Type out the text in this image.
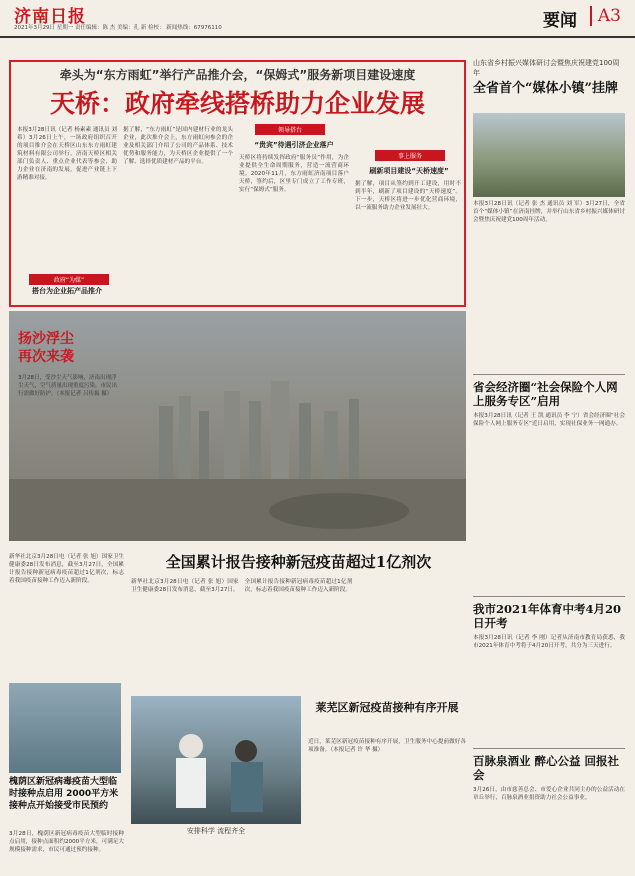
济南日报
2021年3月29日 星期一 责任编辑：陈 杰 美编：孔 新 检校： 新闻热线：67976110	要闻	A3
牵头为“东方雨虹”举行产品推介会，“保姆式”服务新项目建设速度
天桥：政府牵线搭桥助力企业发展
本报3月28日讯（记者 杨素素 通讯员 刘希）3月26日上午，一场政府组织召开的项目推介会在天桥区山东东方雨虹建筑材料有限公司举行，济南天桥区相关部门负责人、重点企业代表等参会，助力企业在济南的发展，促进产业链上下游精准对接。
政府“为媒”
搭台为企业拓产品推介
据了解，“东方雨虹”是国内建材行业的龙头企业，此次推介会上，东方雨虹向参会的企业及相关部门介绍了公司的产品体系、技术优势和服务能力，为天桥区企业提供了一个了解、选择优质建材产品的平台。
领导搭台
“贵宾”待遇引济企业落户
天桥区将持续发挥政府“服务员”作用，为企业提供全生命周期服务，营造一流营商环境。2020年11月，东方雨虹济南项目落户天桥，签约后，区里专门成立了工作专班，实行“保姆式”服务。
事上服务
刷新项目建设“天桥速度”
据了解，项目从签约到开工建设，用时不到半年，刷新了项目建设的“天桥速度”。下一步，天桥区将进一步优化营商环境，以一流服务助力企业发展壮大。
扬沙浮尘
再次来袭
3月28日，受沙尘天气影响，济南出现浮尘天气，空气质量出现重度污染。市民出行需做好防护。（本报记者 吕传振 摄）
山东省乡村振兴媒体研讨会暨焦庆祝建党100周年
全省首个“媒体小镇”挂牌
本报3月28日讯（记者 张 杰 通讯员 刘 军）3月27日，全省首个“媒体小镇”在济南挂牌，并举行山东省乡村振兴媒体研讨会暨焦庆祝建党100周年活动。
省会经济圈“社会保险个人网上服务专区”启用
本报3月28日讯（记者 王 凯 通讯员 李 宁）省会经济圈“社会保险个人网上服务专区”近日启用，实现社保业务一网通办。
我市2021年体育中考4月20日开考
本报3月28日讯（记者 李 刚）记者从济南市教育局获悉，我市2021年体育中考将于4月20日开考，共分为三天进行。
百脉泉酒业 醉心公益 回报社会
3月26日，由市慈善总会、市爱心企业共同主办的公益活动在章丘举行，百脉泉酒业捐资助力社会公益事业。
全国累计报告接种新冠疫苗超过1亿剂次
新华社北京3月28日电（记者 张 旭）国家卫生健康委28日发布消息，截至3月27日，全国累计报告接种新冠病毒疫苗超过1亿剂次，标志着我国疫苗接种工作迈入新阶段。	新华社北京3月28日电（记者 张 旭）国家卫生健康委28日发布消息，截至3月27日，全国累计报告接种新冠病毒疫苗超过1亿剂次，标志着我国疫苗接种工作迈入新阶段。
槐荫区新冠病毒疫苗大型临时接种点启用 2000平方米接种点开始接受市民预约
3月28日，槐荫区新冠病毒疫苗大型临时接种点启用，接种点面积约2000平方米，可满足大规模接种需求，市民可通过预约接种。
安排科学 流程齐全
莱芜区新冠疫苗接种有序开展
近日，莱芜区新冠疫苗接种有序开展，卫生服务中心提前做好各项准备。（本报记者 许 华 摄）
